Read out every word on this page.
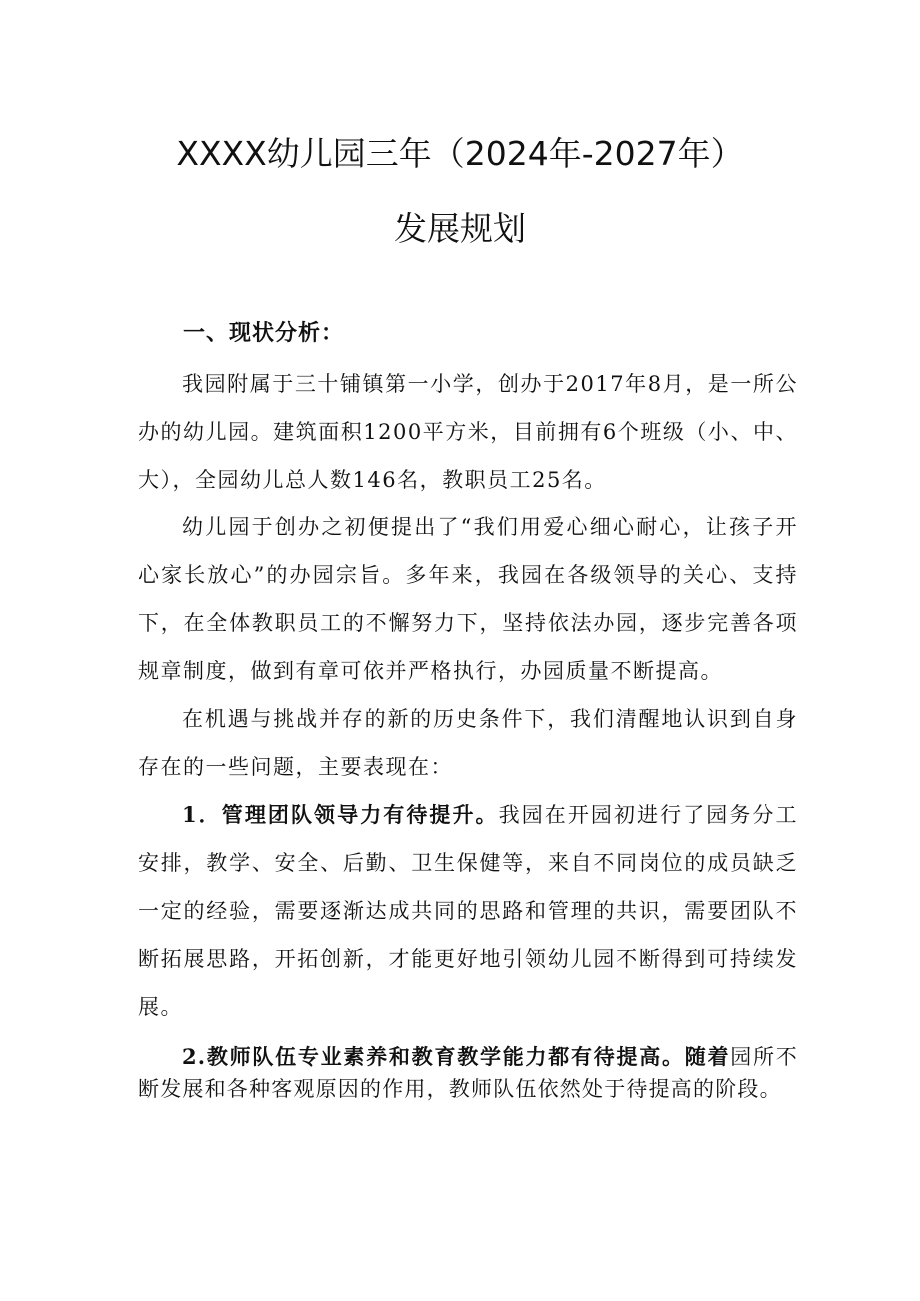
XXXX幼儿园三年（2024年-2027年）
发展规划
一、现状分析：

我园附属于三十铺镇第一小学，创办于2017年8月，是一所公办的幼儿园。建筑面积1200平方米，目前拥有6个班级（小、中、大），全园幼儿总人数146名，教职员工25名。

幼儿园于创办之初便提出了“我们用爱心细心耐心，让孩子开心家长放心”的办园宗旨。多年来，我园在各级领导的关心、支持下，在全体教职员工的不懈努力下，坚持依法办园，逐步完善各项规章制度，做到有章可依并严格执行，办园质量不断提高。

在机遇与挑战并存的新的历史条件下，我们清醒地认识到自身存在的一些问题，主要表现在：

1．管理团队领导力有待提升。我园在开园初进行了园务分工安排，教学、安全、后勤、卫生保健等，来自不同岗位的成员缺乏一定的经验，需要逐渐达成共同的思路和管理的共识，需要团队不断拓展思路，开拓创新，才能更好地引领幼儿园不断得到可持续发展。

2.教师队伍专业素养和教育教学能力都有待提高。随着园所不断发展和各种客观原因的作用，教师队伍依然处于待提高的阶段。
